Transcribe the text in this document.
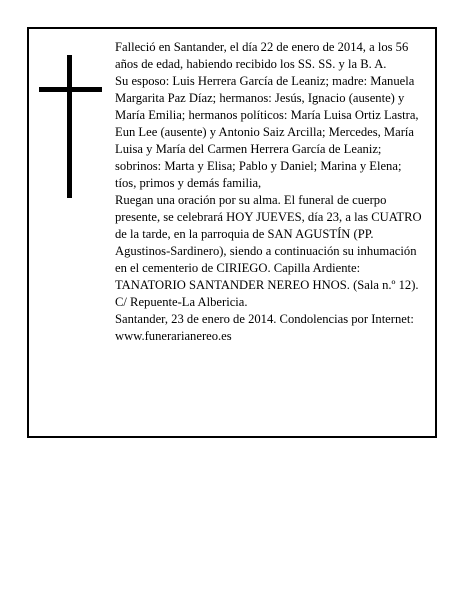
Falleció en Santander, el día 22 de enero de 2014, a los 56 años de edad, habiendo recibido los SS. SS. y la B. A.

Su esposo: Luis Herrera García de Leaniz; madre: Manuela Margarita Paz Díaz; hermanos: Jesús, Ignacio (ausente) y María Emilia; hermanos políticos: María Luisa Ortiz Lastra, Eun Lee (ausente) y Antonio Saiz Arcilla; Mercedes, María Luisa y María del Carmen Herrera García de Leaniz; sobrinos: Marta y Elisa; Pablo y Daniel; Marina y Elena; tíos, primos y demás familia,

Ruegan una oración por su alma. El funeral de cuerpo presente, se celebrará HOY JUEVES, día 23, a las CUATRO de la tarde, en la parroquia de SAN AGUSTÍN (PP. Agustinos-Sardinero), siendo a continuación su inhumación en el cementerio de CIRIEGO. Capilla Ardiente: TANATORIO SANTANDER NEREO HNOS. (Sala n.º 12). C/ Repuente-La Albericia.

Santander, 23 de enero de 2014. Condolencias por Internet: www.funerarianereo.es
